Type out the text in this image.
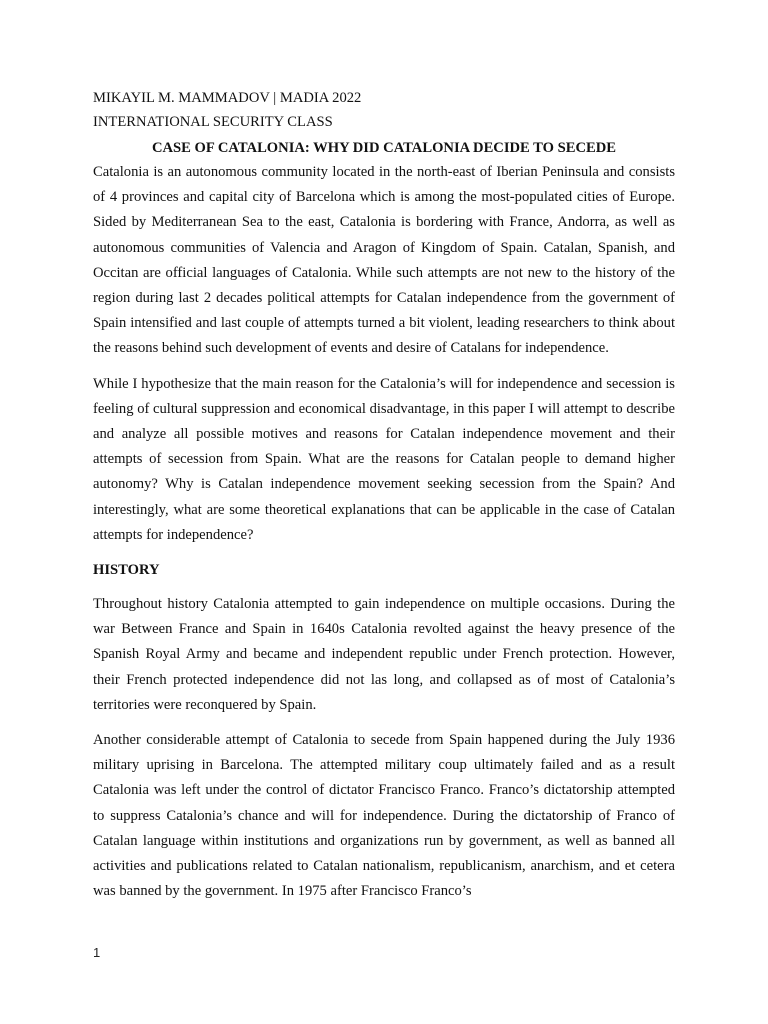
MIKAYIL M. MAMMADOV | MADIA 2022

INTERNATIONAL SECURITY CLASS

CASE OF CATALONIA: WHY DID CATALONIA DECIDE TO SECEDE

Catalonia is an autonomous community located in the north-east of Iberian Peninsula and consists of 4 provinces and capital city of Barcelona which is among the most-populated cities of Europe. Sided by Mediterranean Sea to the east, Catalonia is bordering with France, Andorra, as well as autonomous communities of Valencia and Aragon of Kingdom of Spain. Catalan, Spanish, and Occitan are official languages of Catalonia. While such attempts are not new to the history of the region during last 2 decades political attempts for Catalan independence from the government of Spain intensified and last couple of attempts turned a bit violent, leading researchers to think about the reasons behind such development of events and desire of Catalans for independence.

While I hypothesize that the main reason for the Catalonia’s will for independence and secession is feeling of cultural suppression and economical disadvantage, in this paper I will attempt to describe and analyze all possible motives and reasons for Catalan independence movement and their attempts of secession from Spain. What are the reasons for Catalan people to demand higher autonomy? Why is Catalan independence movement seeking secession from the Spain? And interestingly, what are some theoretical explanations that can be applicable in the case of Catalan attempts for independence?

HISTORY

Throughout history Catalonia attempted to gain independence on multiple occasions. During the war Between France and Spain in 1640s Catalonia revolted against the heavy presence of the Spanish Royal Army and became and independent republic under French protection. However, their French protected independence did not las long, and collapsed as of most of Catalonia’s territories were reconquered by Spain.

Another considerable attempt of Catalonia to secede from Spain happened during the July 1936 military uprising in Barcelona. The attempted military coup ultimately failed and as a result Catalonia was left under the control of dictator Francisco Franco. Franco’s dictatorship attempted to suppress Catalonia’s chance and will for independence. During the dictatorship of Franco of Catalan language within institutions and organizations run by government, as well as banned all activities and publications related to Catalan nationalism, republicanism, anarchism, and et cetera was banned by the government. In 1975 after Francisco Franco’s

1
